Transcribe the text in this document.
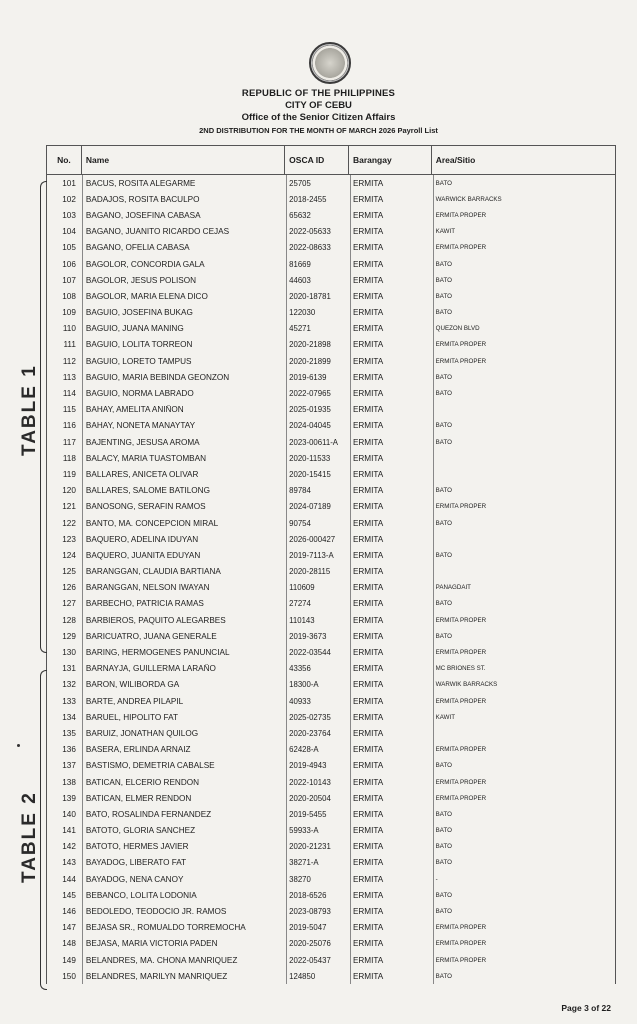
REPUBLIC OF THE PHILIPPINES
CITY OF CEBU
Office of the Senior Citizen Affairs
2ND DISTRIBUTION FOR THE MONTH OF MARCH 2026 Payroll List
No.	Name	OSCA ID	Barangay	Area/Sitio
101	BACUS, ROSITA ALEGARME	25705	ERMITA	BATO
102	BADAJOS, ROSITA BACULPO	2018-2455	ERMITA	WARWICK BARRACKS
103	BAGANO, JOSEFINA CABASA	65632	ERMITA	ERMITA PROPER
104	BAGANO, JUANITO RICARDO CEJAS	2022-05633	ERMITA	KAWIT
105	BAGANO, OFELIA CABASA	2022-08633	ERMITA	ERMITA PROPER
106	BAGOLOR, CONCORDIA GALA	81669	ERMITA	BATO
107	BAGOLOR, JESUS POLISON	44603	ERMITA	BATO
108	BAGOLOR, MARIA ELENA DICO	2020-18781	ERMITA	BATO
109	BAGUIO, JOSEFINA BUKAG	122030	ERMITA	BATO
110	BAGUIO, JUANA MANING	45271	ERMITA	QUEZON BLVD
111	BAGUIO, LOLITA TORREON	2020-21898	ERMITA	ERMITA PROPER
112	BAGUIO, LORETO TAMPUS	2020-21899	ERMITA	ERMITA PROPER
113	BAGUIO, MARIA BEBINDA GEONZON	2019-6139	ERMITA	BATO
114	BAGUIO, NORMA LABRADO	2022-07965	ERMITA	BATO
115	BAHAY, AMELITA ANIÑON	2025-01935	ERMITA
116	BAHAY, NONETA MANAYTAY	2024-04045	ERMITA	BATO
117	BAJENTING, JESUSA AROMA	2023-00611-A	ERMITA	BATO
118	BALACY, MARIA TUASTOMBAN	2020-11533	ERMITA
119	BALLARES, ANICETA OLIVAR	2020-15415	ERMITA
120	BALLARES, SALOME BATILONG	89784	ERMITA	BATO
121	BANOSONG, SERAFIN RAMOS	2024-07189	ERMITA	ERMITA PROPER
122	BANTO, MA. CONCEPCION MIRAL	90754	ERMITA	BATO
123	BAQUERO, ADELINA IDUYAN	2026-000427	ERMITA
124	BAQUERO, JUANITA EDUYAN	2019-7113-A	ERMITA	BATO
125	BARANGGAN, CLAUDIA BARTIANA	2020-28115	ERMITA
126	BARANGGAN, NELSON IWAYAN	110609	ERMITA	PANAGDAIT
127	BARBECHO, PATRICIA RAMAS	27274	ERMITA	BATO
128	BARBIEROS, PAQUITO ALEGARBES	110143	ERMITA	ERMITA PROPER
129	BARICUATRO, JUANA GENERALE	2019-3673	ERMITA	BATO
130	BARING, HERMOGENES PANUNCIAL	2022-03544	ERMITA	ERMITA PROPER
131	BARNAYJA, GUILLERMA LARAÑO	43356	ERMITA	MC BRIONES ST.
132	BARON, WILIBORDA GA	18300-A	ERMITA	WARWIK BARRACKS
133	BARTE, ANDREA PILAPIL	40933	ERMITA	ERMITA PROPER
134	BARUEL, HIPOLITO FAT	2025-02735	ERMITA	KAWIT
135	BARUIZ, JONATHAN QUILOG	2020-23764	ERMITA
136	BASERA, ERLINDA ARNAIZ	62428-A	ERMITA	ERMITA PROPER
137	BASTISMO, DEMETRIA CABALSE	2019-4943	ERMITA	BATO
138	BATICAN, ELCERIO RENDON	2022-10143	ERMITA	ERMITA PROPER
139	BATICAN, ELMER RENDON	2020-20504	ERMITA	ERMITA PROPER
140	BATO, ROSALINDA FERNANDEZ	2019-5455	ERMITA	BATO
141	BATOTO, GLORIA SANCHEZ	59933-A	ERMITA	BATO
142	BATOTO, HERMES JAVIER	2020-21231	ERMITA	BATO
143	BAYADOG, LIBERATO FAT	38271-A	ERMITA	BATO
144	BAYADOG, NENA CANOY	38270	ERMITA	-
145	BEBANCO, LOLITA LODONIA	2018-6526	ERMITA	BATO
146	BEDOLEDO, TEODOCIO JR. RAMOS	2023-08793	ERMITA	BATO
147	BEJASA SR., ROMUALDO TORREMOCHA	2019-5047	ERMITA	ERMITA PROPER
148	BEJASA, MARIA VICTORIA PADEN	2020-25076	ERMITA	ERMITA PROPER
149	BELANDRES, MA. CHONA MANRIQUEZ	2022-05437	ERMITA	ERMITA PROPER
150	BELANDRES, MARILYN MANRIQUEZ	124850	ERMITA	BATO
TABLE 1
TABLE 2
Page 3 of 22
